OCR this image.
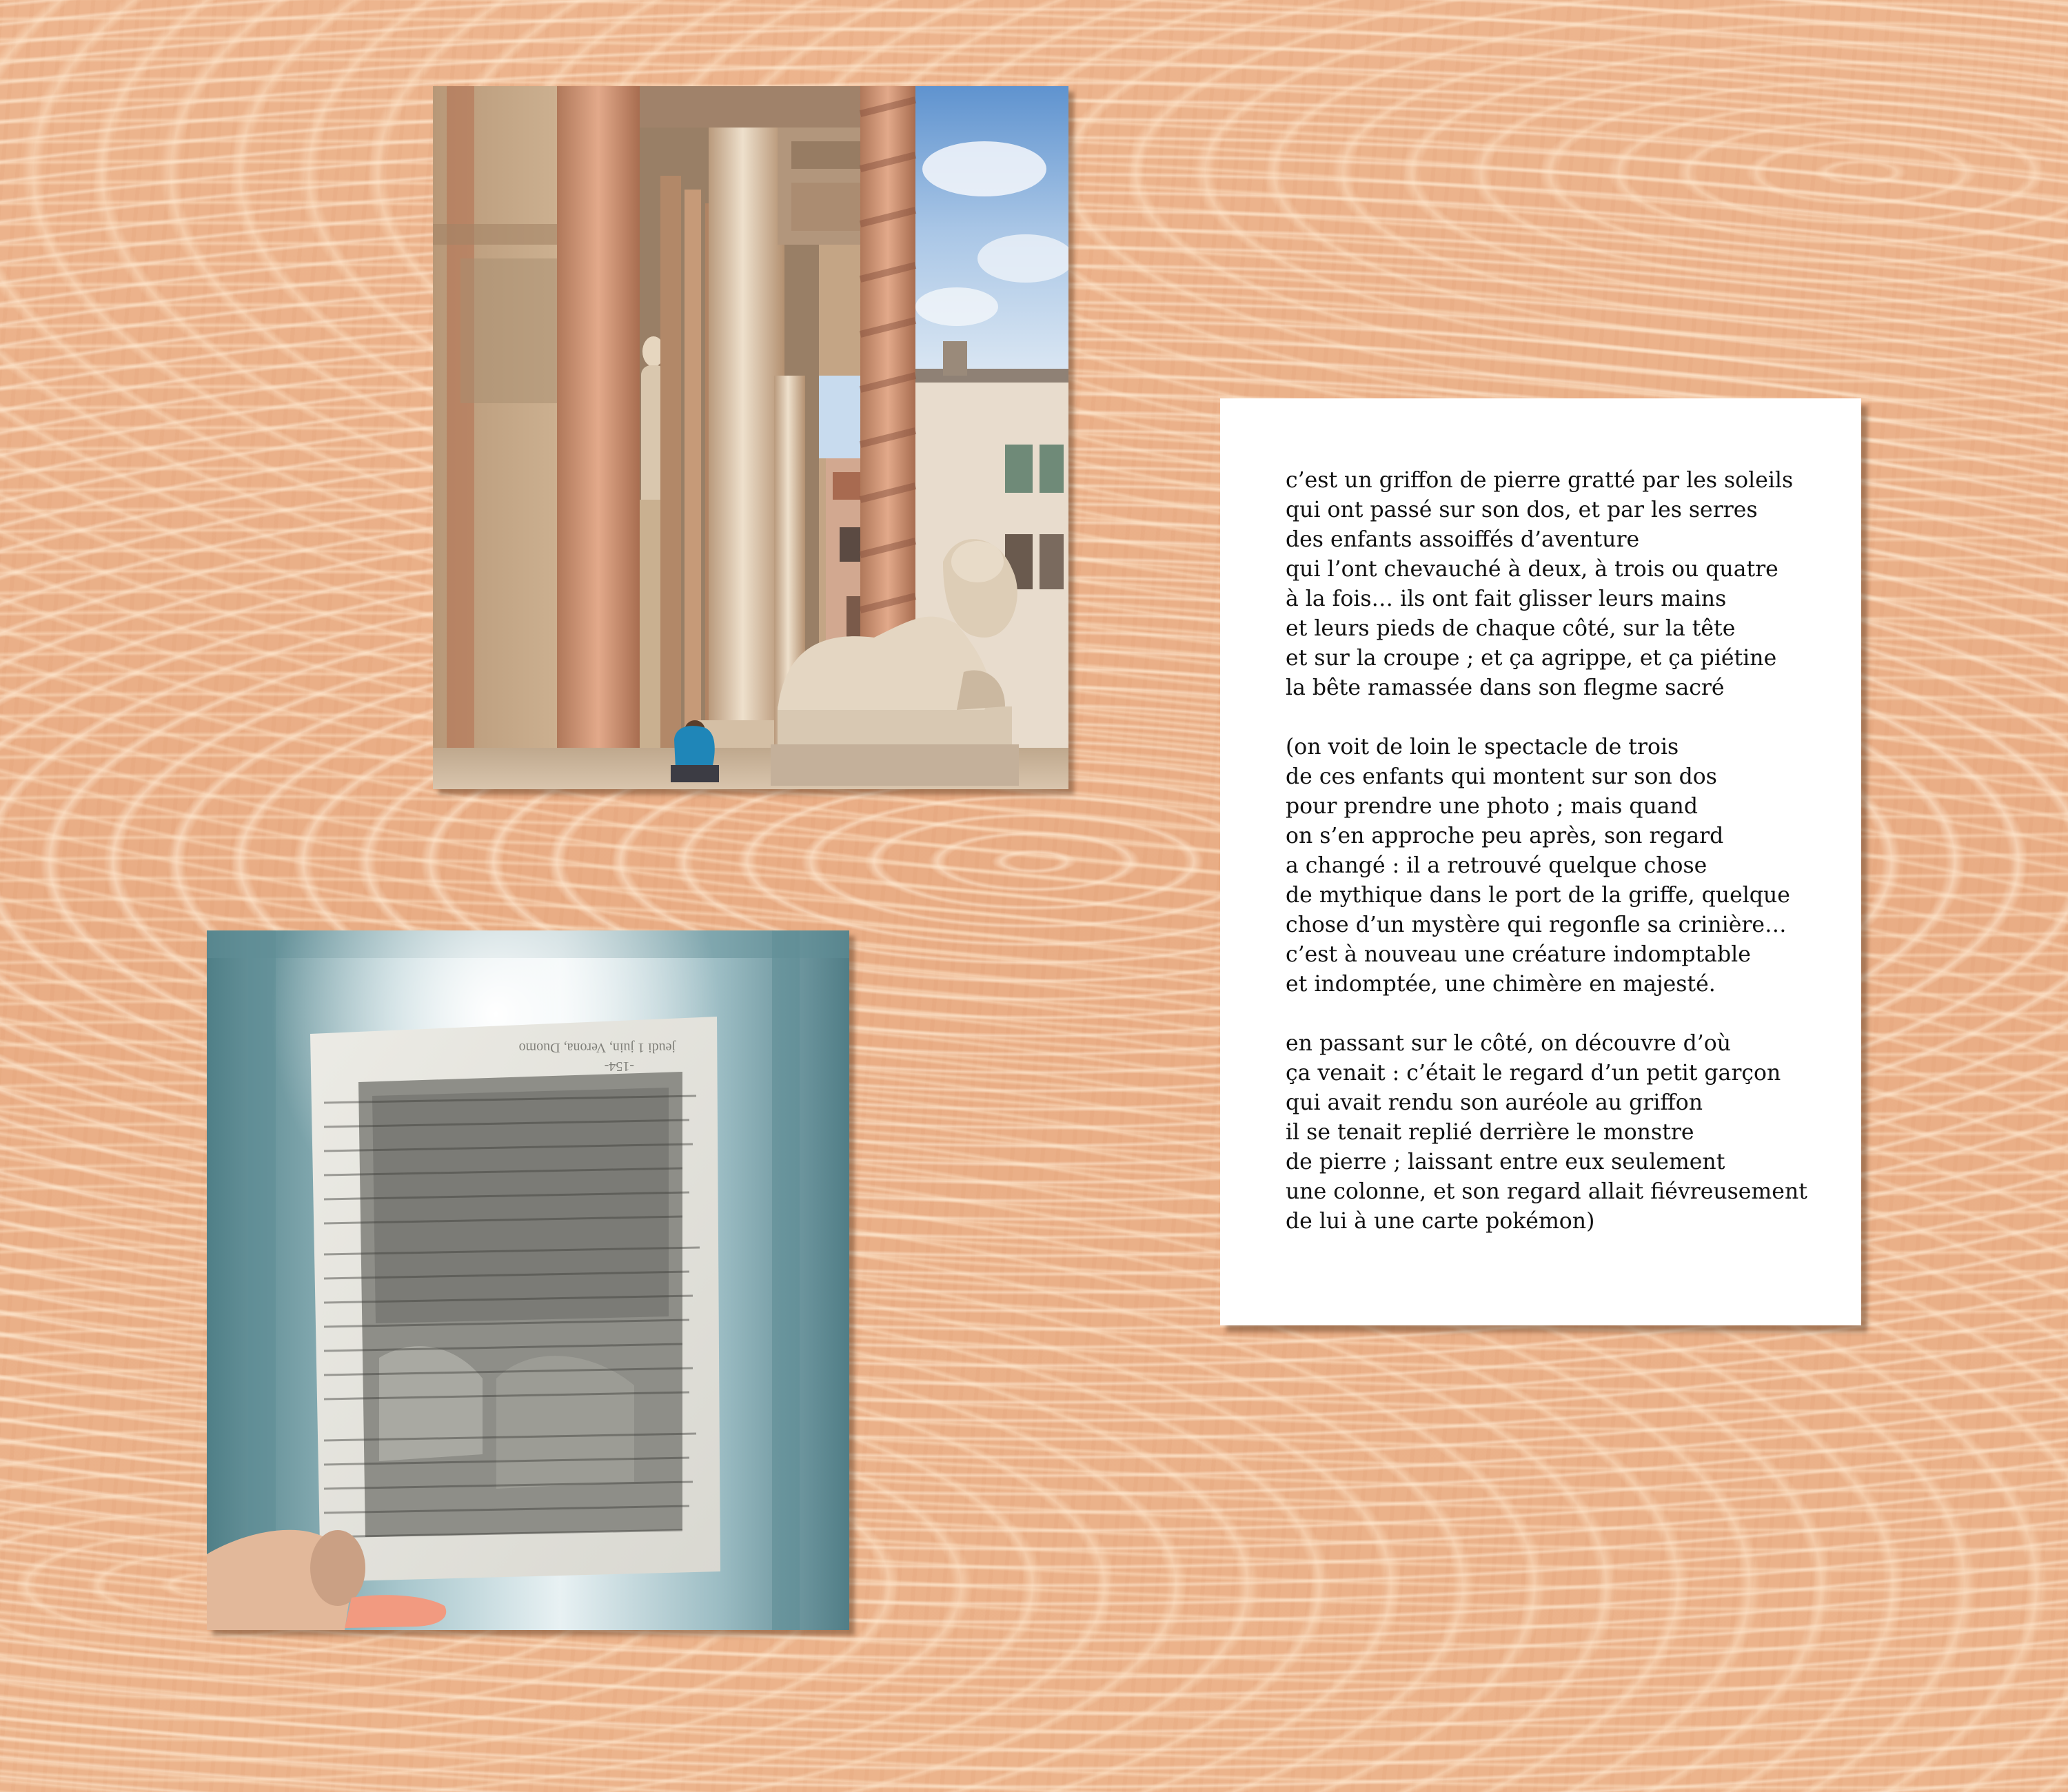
jeudi 1 juin, Verona, Duomo
-154-

c’est un griffon de pierre gratté par les soleils
qui ont passé sur son dos, et par les serres
des enfants assoiffés d’aventure
qui l’ont chevauché à deux, à trois ou quatre
à la fois… ils ont fait glisser leurs mains
et leurs pieds de chaque côté, sur la tête
et sur la croupe ; et ça agrippe, et ça piétine
la bête ramassée dans son flegme sacré

(on voit de loin le spectacle de trois
de ces enfants qui montent sur son dos
pour prendre une photo ; mais quand
on s’en approche peu après, son regard
a changé : il a retrouvé quelque chose
de mythique dans le port de la griffe, quelque
chose d’un mystère qui regonfle sa crinière…
c’est à nouveau une créature indomptable
et indomptée, une chimère en majesté.

en passant sur le côté, on découvre d’où
ça venait : c’était le regard d’un petit garçon
qui avait rendu son auréole au griffon
il se tenait replié derrière le monstre
de pierre ; laissant entre eux seulement
une colonne, et son regard allait fiévreusement
de lui à une carte pokémon)
